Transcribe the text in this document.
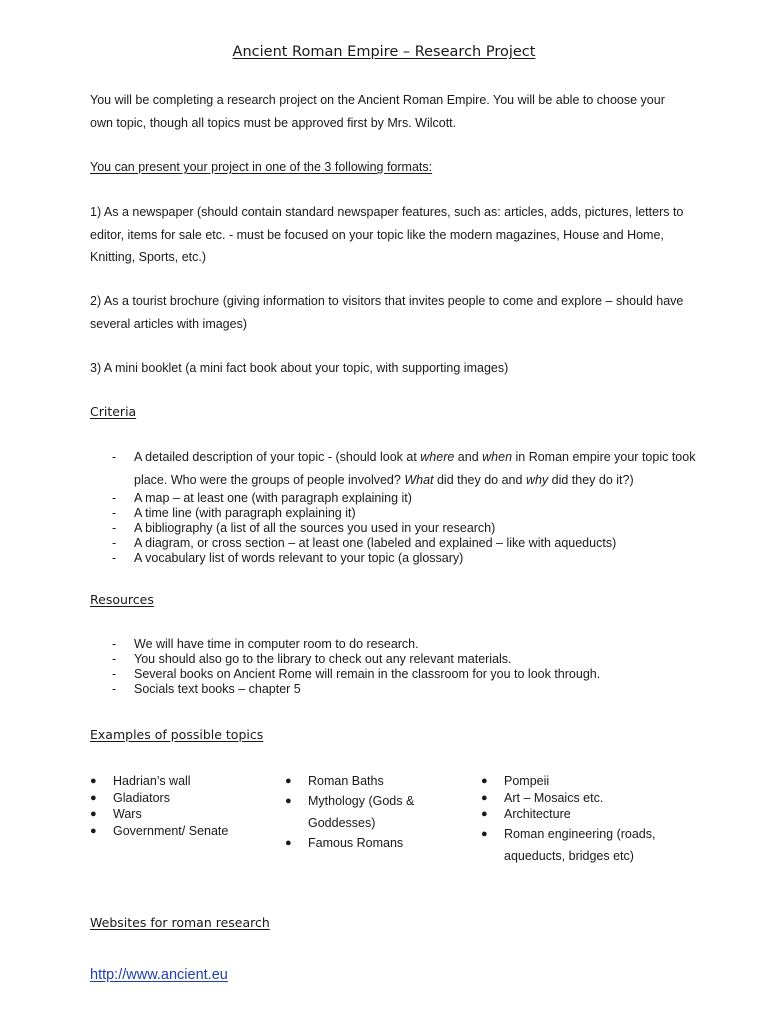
Ancient Roman Empire – Research Project
You will be completing a research project on the Ancient Roman Empire. You will be able to choose your own topic, though all topics must be approved first by Mrs. Wilcott.
You can present your project in one of the 3 following formats:
1) As a newspaper (should contain standard newspaper features, such as: articles, adds, pictures, letters to editor, items for sale etc. - must be focused on your topic like the modern magazines, House and Home, Knitting, Sports, etc.)
2) As a tourist brochure (giving information to visitors that invites people to come and explore – should have several articles with images)
3) A mini booklet (a mini fact book about your topic, with supporting images)
Criteria
- A detailed description of your topic - (should look at where and when in Roman empire your topic took place. Who were the groups of people involved? What did they do and why did they do it?)
- A map – at least one (with paragraph explaining it)
- A time line (with paragraph explaining it)
- A bibliography (a list of all the sources you used in your research)
- A diagram, or cross section – at least one (labeled and explained – like with aqueducts)
- A vocabulary list of words relevant to your topic (a glossary)
Resources
- We will have time in computer room to do research.
- You should also go to the library to check out any relevant materials.
- Several books on Ancient Rome will remain in the classroom for you to look through.
- Socials text books – chapter 5
Examples of possible topics
● Hadrian’s wall
● Gladiators
● Wars
● Government/ Senate
● Roman Baths
● Mythology (Gods & Goddesses)
● Famous Romans
● Pompeii
● Art – Mosaics etc.
● Architecture
● Roman engineering (roads, aqueducts, bridges etc)
Websites for roman research
http://www.ancient.eu
